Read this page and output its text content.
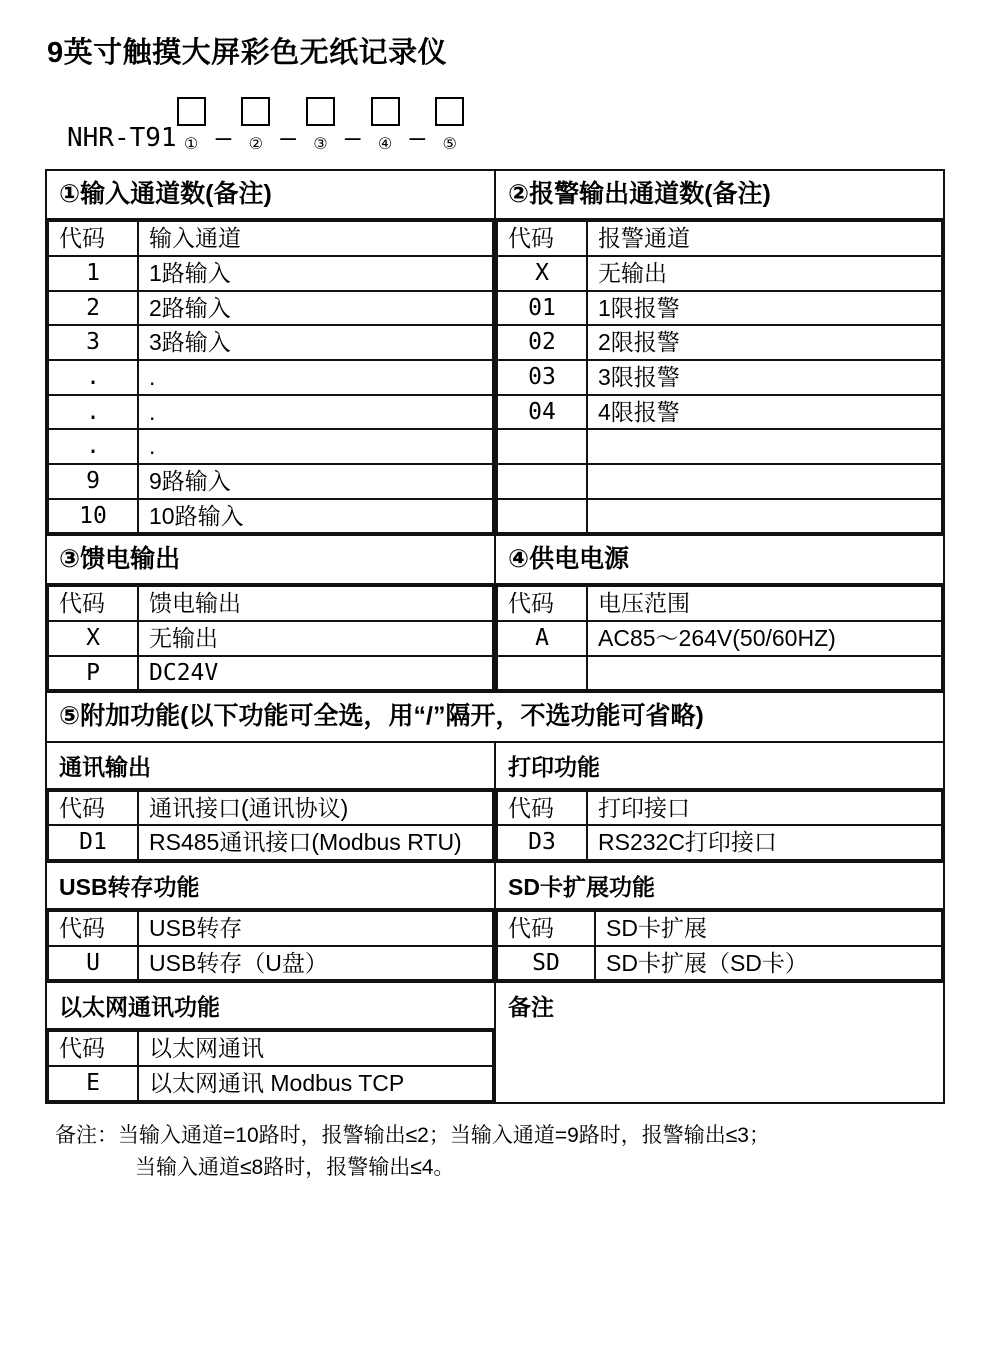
9英寸触摸大屏彩色无纸记录仪
NHR-T91 ① —	② —	③ —	④ —	⑤
①输入通道数(备注)	②报警输出通道数(备注)

代码	输入通道
1	1路输入
2	2路输入
3	3路输入
.	.
.	.
.	.
9	9路输入
10	10路输入

代码	报警通道
X	无输出
01	1限报警
02	2限报警
03	3限报警
04	4限报警

③馈电输出	④供电电源

代码	馈电输出
X	无输出
P	DC24V

代码	电压范围
A	AC85～264V(50/60HZ)

⑤附加功能(以下功能可全选，用“/”隔开，不选功能可省略)

通讯输出	打印功能

代码	通讯接口(通讯协议)
D1	RS485通讯接口(Modbus RTU)

代码	打印接口
D3	RS232C打印接口

USB转存功能	SD卡扩展功能

代码	USB转存
U	USB转存（U盘）

代码	SD卡扩展
SD	SD卡扩展（SD卡）

以太网通讯功能	备注

代码	以太网通讯
E	以太网通讯 Modbus TCP
备注：当输入通道=10路时，报警输出≤2；当输入通道=9路时，报警输出≤3；
当输入通道≤8路时，报警输出≤4。
